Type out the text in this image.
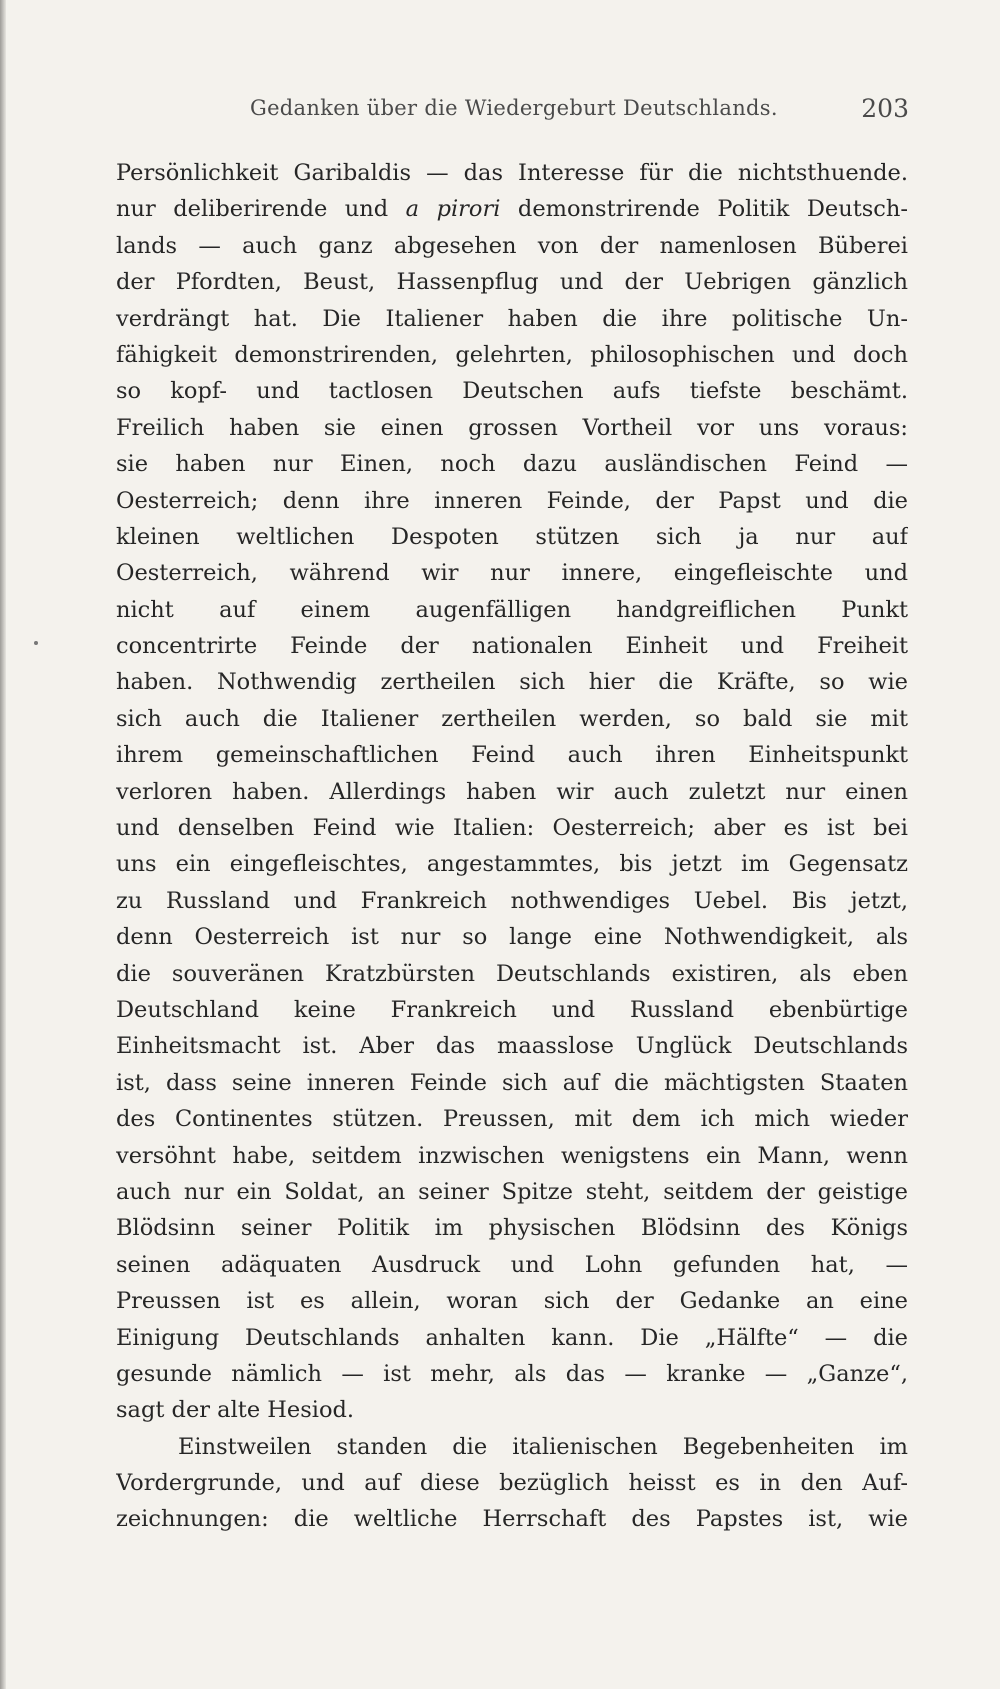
Gedanken über die Wiedergeburt Deutschlands.	203
Persönlichkeit Garibaldis — das Interesse für die nichtsthuende.
nur deliberirende und a pirori demonstrirende Politik Deutsch-
lands — auch ganz abgesehen von der namenlosen Büberei
der Pfordten, Beust, Hassenpflug und der Uebrigen gänzlich
verdrängt hat. Die Italiener haben die ihre politische Un-
fähigkeit demonstrirenden, gelehrten, philosophischen und doch
so kopf- und tactlosen Deutschen aufs tiefste beschämt.
Freilich haben sie einen grossen Vortheil vor uns voraus:
sie haben nur Einen, noch dazu ausländischen Feind —
Oesterreich; denn ihre inneren Feinde, der Papst und die
kleinen weltlichen Despoten stützen sich ja nur auf
Oesterreich, während wir nur innere, eingefleischte und
nicht auf einem augenfälligen handgreiflichen Punkt
concentrirte Feinde der nationalen Einheit und Freiheit
haben. Nothwendig zertheilen sich hier die Kräfte, so wie
sich auch die Italiener zertheilen werden, so bald sie mit
ihrem gemeinschaftlichen Feind auch ihren Einheitspunkt
verloren haben. Allerdings haben wir auch zuletzt nur einen
und denselben Feind wie Italien: Oesterreich; aber es ist bei
uns ein eingefleischtes, angestammtes, bis jetzt im Gegensatz
zu Russland und Frankreich nothwendiges Uebel. Bis jetzt,
denn Oesterreich ist nur so lange eine Nothwendigkeit, als
die souveränen Kratzbürsten Deutschlands existiren, als eben
Deutschland keine Frankreich und Russland ebenbürtige
Einheitsmacht ist. Aber das maasslose Unglück Deutschlands
ist, dass seine inneren Feinde sich auf die mächtigsten Staaten
des Continentes stützen. Preussen, mit dem ich mich wieder
versöhnt habe, seitdem inzwischen wenigstens ein Mann, wenn
auch nur ein Soldat, an seiner Spitze steht, seitdem der geistige
Blödsinn seiner Politik im physischen Blödsinn des Königs
seinen adäquaten Ausdruck und Lohn gefunden hat, —
Preussen ist es allein, woran sich der Gedanke an eine
Einigung Deutschlands anhalten kann. Die „Hälfte“ — die
gesunde nämlich — ist mehr, als das — kranke — „Ganze“,
sagt der alte Hesiod.
Einstweilen standen die italienischen Begebenheiten im
Vordergrunde, und auf diese bezüglich heisst es in den Auf-
zeichnungen: die weltliche Herrschaft des Papstes ist, wie
